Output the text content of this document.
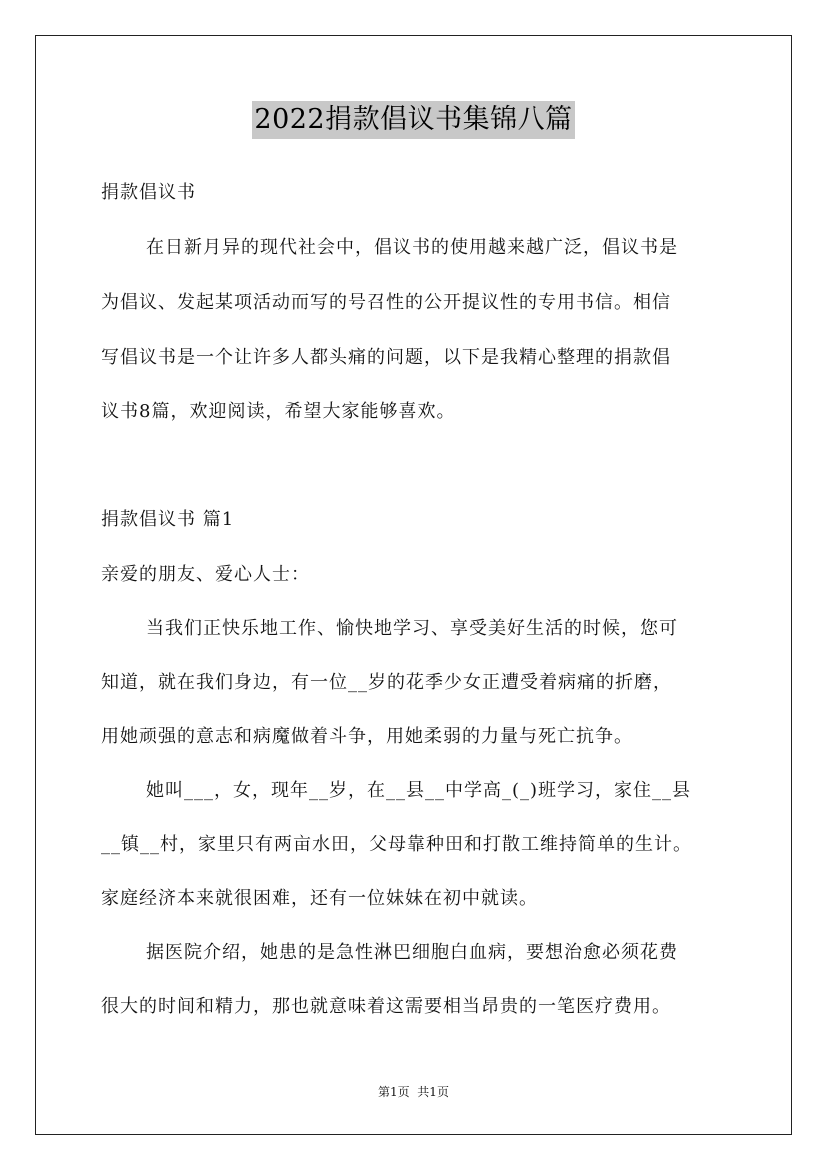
2022捐款倡议书集锦八篇
捐款倡议书
在日新月异的现代社会中，倡议书的使用越来越广泛，倡议书是
为倡议、发起某项活动而写的号召性的公开提议性的专用书信。相信
写倡议书是一个让许多人都头痛的问题，以下是我精心整理的捐款倡
议书8篇，欢迎阅读，希望大家能够喜欢。
捐款倡议书 篇1
亲爱的朋友、爱心人士：
当我们正快乐地工作、愉快地学习、享受美好生活的时候，您可
知道，就在我们身边，有一位__岁的花季少女正遭受着病痛的折磨，
用她顽强的意志和病魔做着斗争，用她柔弱的力量与死亡抗争。
她叫___，女，现年__岁，在__县__中学高_(_)班学习，家住__县
__镇__村，家里只有两亩水田，父母靠种田和打散工维持简单的生计。
家庭经济本来就很困难，还有一位妹妹在初中就读。
据医院介绍，她患的是急性淋巴细胞白血病，要想治愈必须花费
很大的时间和精力，那也就意味着这需要相当昂贵的一笔医疗费用。
第1页  共1页
